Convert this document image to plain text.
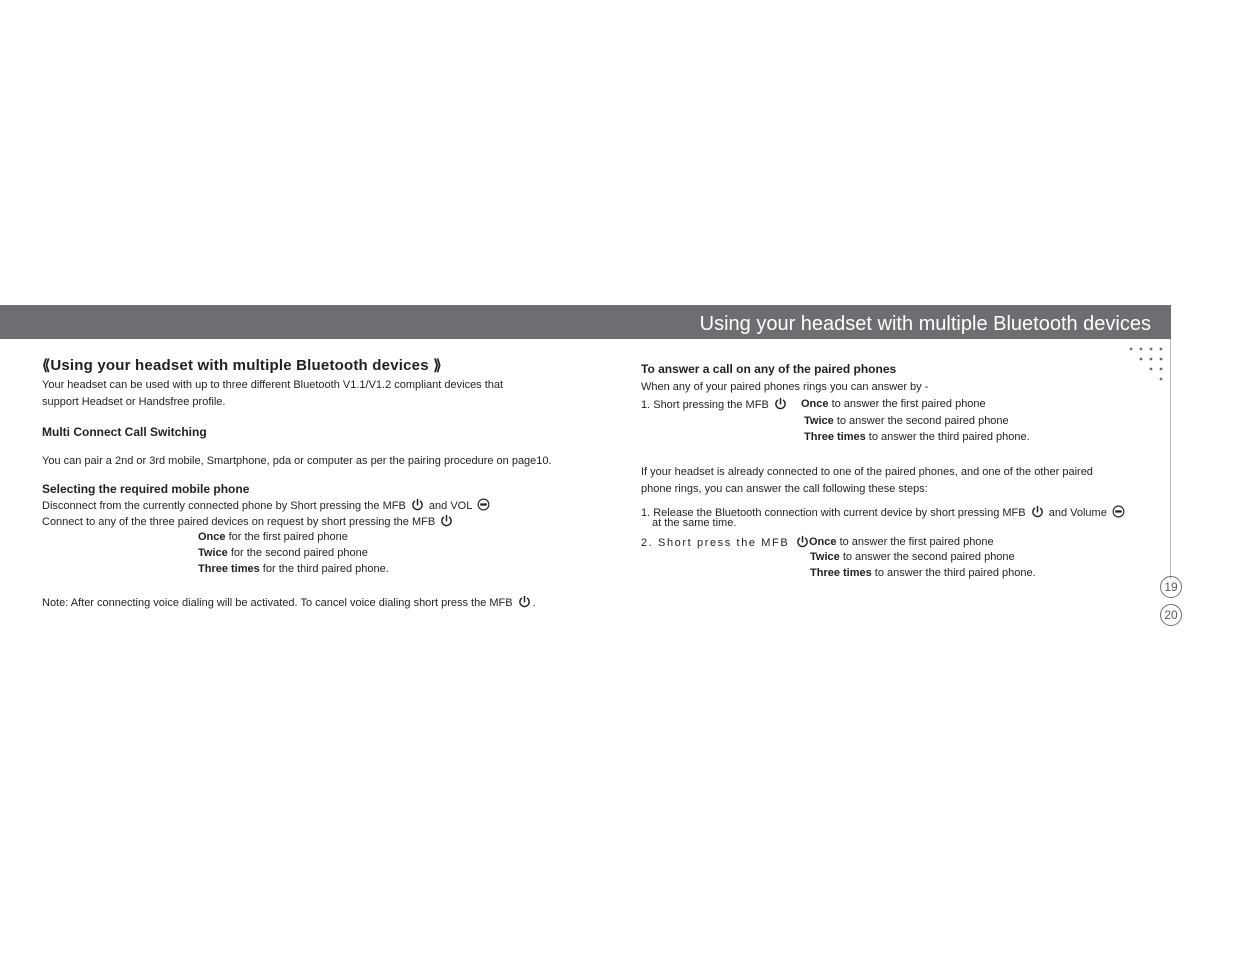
Using your headset with multiple Bluetooth devices
19
20
⟪Using your headset with multiple Bluetooth devices ⟫
Your headset can be used with up to three different Bluetooth V1.1/V1.2 compliant devices that
support Headset or Handsfree profile.
Multi Connect Call Switching
You can pair a 2nd or 3rd mobile, Smartphone, pda or computer as per the pairing procedure on page10.
Selecting the required mobile phone
Disconnect from the currently connected phone by Short pressing the MFB and VOL
Connect to any of the three paired devices on request by short pressing the MFB
Once for the first paired phone
Twice for the second paired phone
Three times for the third paired phone.
Note: After connecting voice dialing will be activated. To cancel voice dialing short press the MFB .
To answer a call on any of the paired phones
When any of your paired phones rings you can answer by -
1. Short pressing the MFB	Once to answer the first paired phone
Twice to answer the second paired phone
Three times to answer the third paired phone.
If your headset is already connected to one of the paired phones, and one of the other paired
phone rings, you can answer the call following these steps:
1. Release the Bluetooth connection with current device by short pressing MFB and Volume
at the same time.
2. Short press the MFB	Once to answer the first paired phone
Twice to answer the second paired phone
Three times to answer the third paired phone.
